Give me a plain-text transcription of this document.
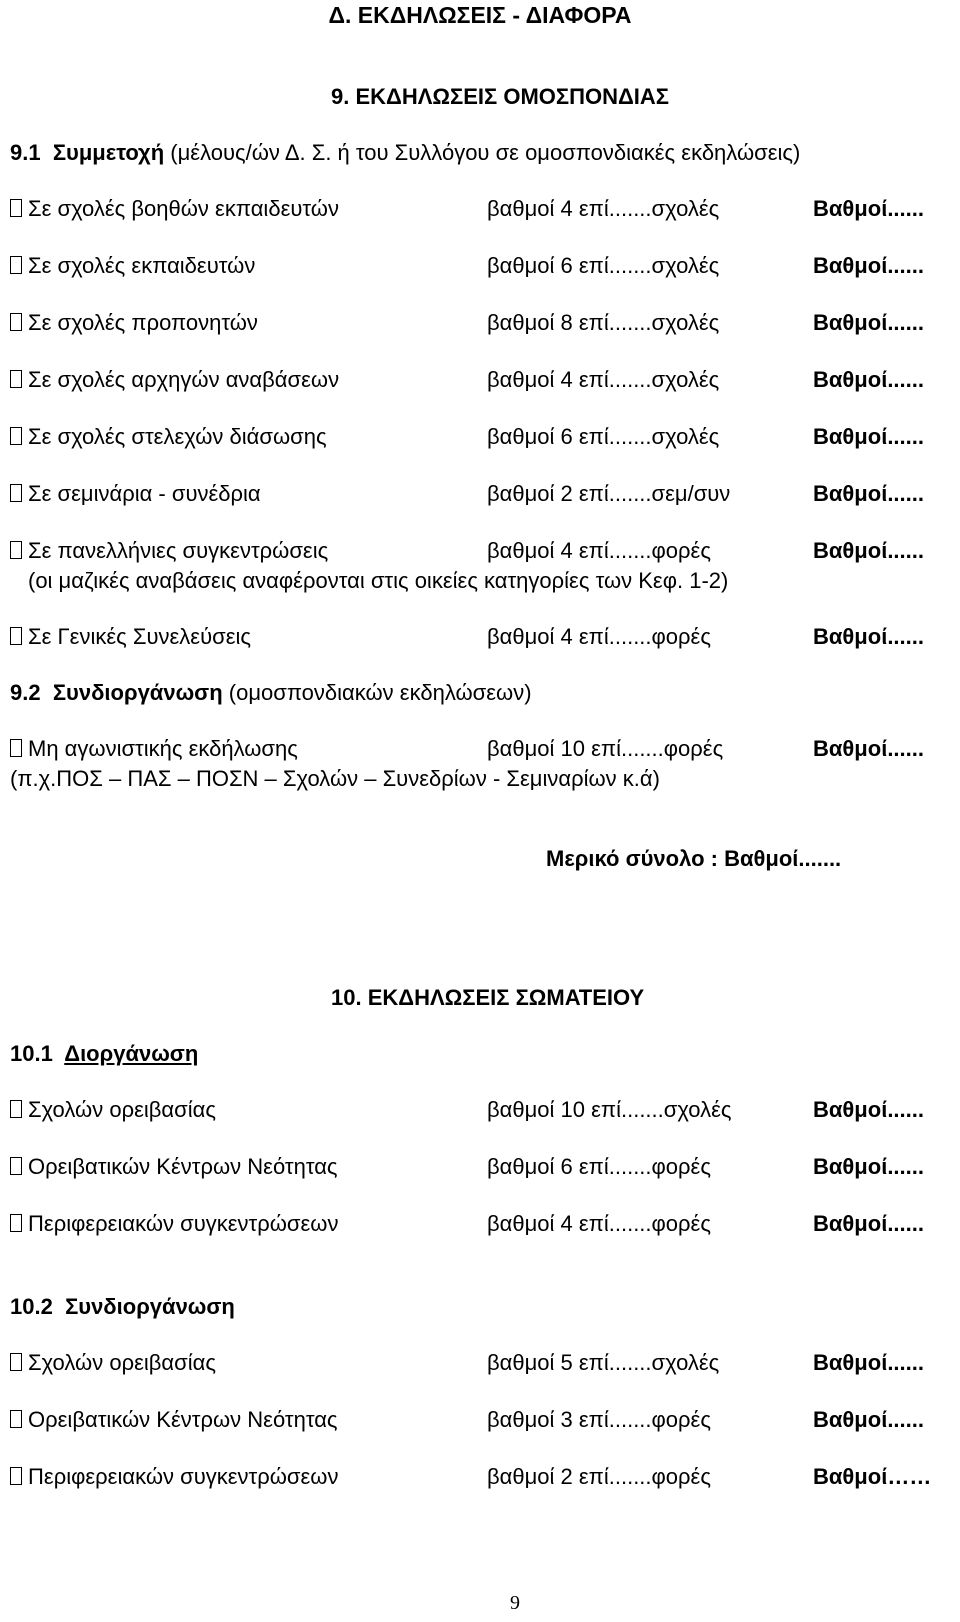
Δ. ΕΚΔΗΛΩΣΕΙΣ - ΔΙΑΦΟΡΑ
9. ΕΚΔΗΛΩΣΕΙΣ ΟΜΟΣΠΟΝΔΙΑΣ
9.1 Συμμετοχή (μέλους/ών Δ. Σ. ή του Συλλόγου σε ομοσπονδιακές εκδηλώσεις)
Σε σχολές βοηθών εκπαιδευτών	βαθμοί 4 επί.......σχολές	Βαθμοί......
Σε σχολές εκπαιδευτών	βαθμοί 6 επί.......σχολές	Βαθμοί......
Σε σχολές προπονητών	βαθμοί 8 επί.......σχολές	Βαθμοί......
Σε σχολές αρχηγών αναβάσεων	βαθμοί 4 επί.......σχολές	Βαθμοί......
Σε σχολές στελεχών διάσωσης	βαθμοί 6 επί.......σχολές	Βαθμοί......
Σε σεμινάρια - συνέδρια	βαθμοί 2 επί.......σεμ/συν	Βαθμοί......
Σε πανελλήνιες συγκεντρώσεις	βαθμοί 4 επί.......φορές	Βαθμοί......
(οι μαζικές αναβάσεις αναφέρονται στις οικείες κατηγορίες των Κεφ. 1-2)
Σε Γενικές Συνελεύσεις	βαθμοί 4 επί.......φορές	Βαθμοί......
9.2 Συνδιοργάνωση (ομοσπονδιακών εκδηλώσεων)
Μη αγωνιστικής εκδήλωσης	βαθμοί 10 επί.......φορές	Βαθμοί......
(π.χ.ΠΟΣ – ΠΑΣ – ΠΟΣΝ – Σχολών – Συνεδρίων - Σεμιναρίων κ.ά)
Μερικό σύνολο : Βαθμοί.......
10. ΕΚΔΗΛΩΣΕΙΣ ΣΩΜΑΤΕΙΟΥ
10.1 Διοργάνωση
Σχολών ορειβασίας	βαθμοί 10 επί.......σχολές	Βαθμοί......
Ορειβατικών Κέντρων Νεότητας	βαθμοί 6 επί.......φορές	Βαθμοί......
Περιφερειακών συγκεντρώσεων	βαθμοί 4 επί.......φορές	Βαθμοί......
10.2 Συνδιοργάνωση
Σχολών ορειβασίας	βαθμοί 5 επί.......σχολές	Βαθμοί......
Ορειβατικών Κέντρων Νεότητας	βαθμοί 3 επί.......φορές	Βαθμοί......
Περιφερειακών συγκεντρώσεων	βαθμοί 2 επί.......φορές	Βαθμοί……
9
